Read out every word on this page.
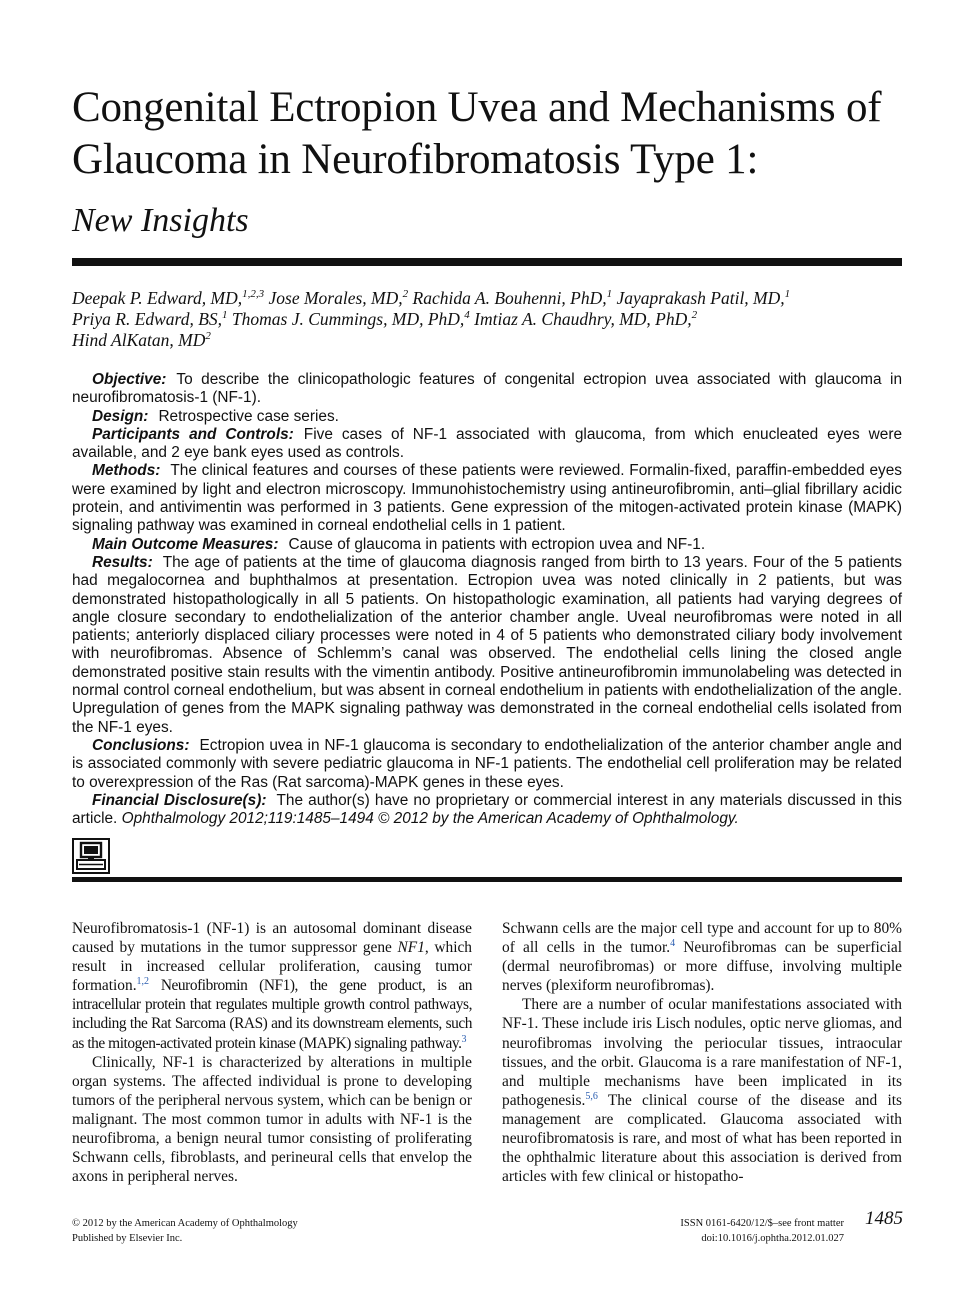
Congenital Ectropion Uvea and Mechanisms of Glaucoma in Neurofibromatosis Type 1:
New Insights
Deepak P. Edward, MD,$^{1,2,3}$ Jose Morales, MD,$^2$ Rachida A. Bouhenni, PhD,$^1$ Jayaprakash Patil, MD,$^1$
Priya R. Edward, BS,$^1$ Thomas J. Cummings, MD, PhD,$^4$ Imtiaz A. Chaudhry, MD, PhD,$^2$
Hind AlKatan, $MD^2$

Objective: To describe the clinicopathologic features of congenital ectropion uvea associated with glaucoma in neurofibromatosis-1 (NF-1).

Design: Retrospective case series.

Participants and Controls: Five cases of NF-1 associated with glaucoma, from which enucleated eyes were available, and 2 eye bank eyes used as controls.

Methods: The clinical features and courses of these patients were reviewed. Formalin-fixed, paraffin-embedded eyes were examined by light and electron microscopy. Immunohistochemistry using antineurofibromin, anti–glial fibrillary acidic protein, and antivimentin was performed in 3 patients. Gene expression of the mitogen-activated protein kinase (MAPK) signaling pathway was examined in corneal endothelial cells in 1 patient.

Main Outcome Measures: Cause of glaucoma in patients with ectropion uvea and NF-1.

Results: The age of patients at the time of glaucoma diagnosis ranged from birth to 13 years. Four of the 5 patients had megalocornea and buphthalmos at presentation. Ectropion uvea was noted clinically in 2 patients, but was demonstrated histopathologically in all 5 patients. On histopathologic examination, all patients had varying degrees of angle closure secondary to endothelialization of the anterior chamber angle. Uveal neurofibromas were noted in all patients; anteriorly displaced ciliary processes were noted in 4 of 5 patients who demonstrated ciliary body involvement with neurofibromas. Absence of Schlemm’s canal was observed. The endothelial cells lining the closed angle demonstrated positive stain results with the vimentin antibody. Positive antineurofibromin immunolabeling was detected in normal control corneal endothelium, but was absent in corneal endothelium in patients with endothelialization of the angle. Upregulation of genes from the MAPK signaling pathway was demonstrated in the corneal endothelial cells isolated from the NF-1 eyes.

Conclusions: Ectropion uvea in NF-1 glaucoma is secondary to endothelialization of the anterior chamber angle and is associated commonly with severe pediatric glaucoma in NF-1 patients. The endothelial cell proliferation may be related to overexpression of the Ras (Rat sarcoma)-MAPK genes in these eyes.

Financial Disclosure(s): The author(s) have no proprietary or commercial interest in any materials discussed in this article. Ophthalmology 2012;119:1485–1494 © 2012 by the American Academy of Ophthalmology.

Neurofibromatosis-1 (NF-1) is an autosomal dominant disease caused by mutations in the tumor suppressor gene NF1, which result in increased cellular proliferation, causing tumor formation.$^{1,2}$ Neurofibromin (NF1), the gene product, is an intracellular protein that regulates multiple growth control pathways, including the Rat Sarcoma (RAS) and its downstream elements, such as the mitogen-activated protein kinase (MAPK) signaling pathway.$^3$

Clinically, NF-1 is characterized by alterations in multiple organ systems. The affected individual is prone to developing tumors of the peripheral nervous system, which can be benign or malignant. The most common tumor in adults with NF-1 is the neurofibroma, a benign neural tumor consisting of proliferating Schwann cells, fibroblasts, and perineural cells that envelop the axons in peripheral nerves.

Schwann cells are the major cell type and account for up to 80% of all cells in the tumor.$^4$ Neurofibromas can be superficial (dermal neurofibromas) or more diffuse, involving multiple nerves (plexiform neurofibromas).

There are a number of ocular manifestations associated with NF-1. These include iris Lisch nodules, optic nerve gliomas, and neurofibromas involving the periocular tissues, intraocular tissues, and the orbit. Glaucoma is a rare manifestation of NF-1, and multiple mechanisms have been implicated in its pathogenesis.$^{5,6}$ The clinical course of the disease and its management are complicated. Glaucoma associated with neurofibromatosis is rare, and most of what has been reported in the ophthalmic literature about this association is derived from articles with few clinical or histopatho-

© 2012 by the American Academy of Ophthalmology
Published by Elsevier Inc.
ISSN 0161-6420/12/$–see front matter
doi:10.1016/j.ophtha.2012.01.027
1485
